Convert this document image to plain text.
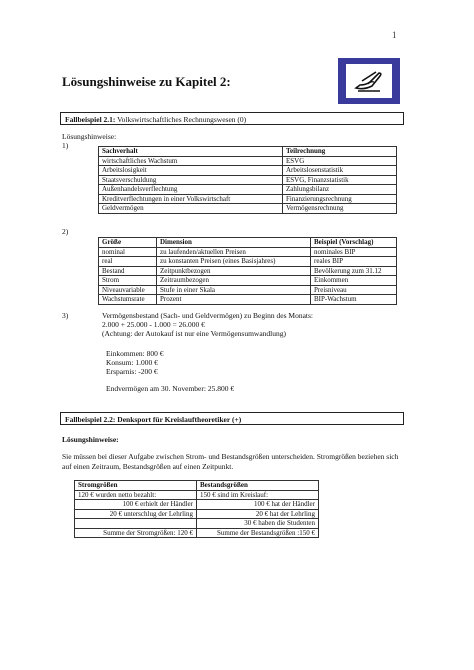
1
Lösungshinweise zu Kapitel 2:
Fallbeispiel 2.1: Volkswirtschaftliches Rechnungswesen (0)
Lösungshinweise:
1)
Sachverhalt	Teilrechnung
wirtschaftliches Wachstum	ESVG
Arbeitslosigkeit	Arbeitslosenstatistik
Staatsverschuldung	ESVG, Finanzstatistik
Außenhandelsverflechtung	Zahlungsbilanz
Kreditverflechtungen in einer Volkswirtschaft	Finanzierungsrechnung
Geldvermögen	Vermögensrechnung
2)
Größe	Dimension	Beispiel (Vorschlag)
nominal	zu laufenden/aktuellen Preisen	nominales BIP
real	zu konstanten Preisen (eines Basisjahres)	reales BIP
Bestand	Zeitpunktbezogen	Bevölkerung zum 31.12
Strom	Zeitraumbezogen	Einkommen
Niveauvariable	Stufe in einer Skala	Preisniveau
Wachstumsrate	Prozent	BIP-Wachstum
3)	Vermögensbestand (Sach- und Geldvermögen) zu Beginn des Monats:
2.000 + 25.000 - 1.000 = 26.000 €
(Achtung: der Autokauf ist nur eine Vermögensumwandlung)
Einkommen: 800 €
Konsum: 1.000 €
Ersparnis: -200 €
Endvermögen am 30. November: 25.800 €
Fallbeispiel 2.2: Denksport für Kreislauftheoretiker (+)
Lösungshinweise:
Sie müssen bei dieser Aufgabe zwischen Strom- und Bestandsgrößen unterscheiden. Stromgrößen beziehen sich auf einen Zeitraum, Bestandsgrößen auf einen Zeitpunkt.
Stromgrößen	Bestandsgrößen
120 € wurden netto bezahlt:	150 € sind im Kreislauf:
100 € erhielt der Händler	100 € hat der Händler
20 € unterschlug der Lehrling	20 € hat der Lehrling
	30 € haben die Studenten
Summe der Stromgrößen: 120 €	Summe der Bestandsgrößen :150 €
